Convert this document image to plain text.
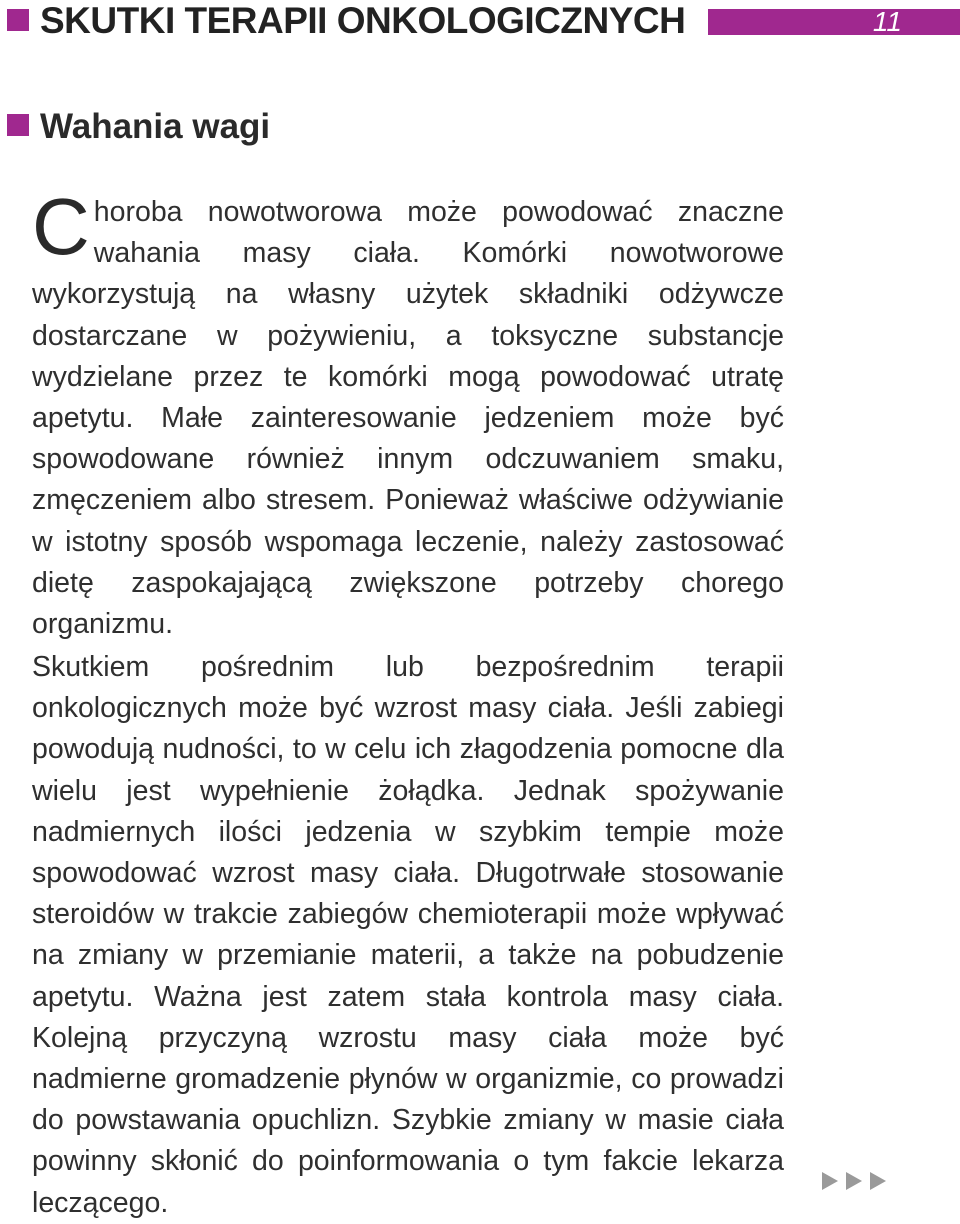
SKUTKI TERAPII ONKOLOGICZNYCH	11
Wahania wagi

Choroba nowotworowa może powodować znaczne wahania masy ciała. Komórki nowotworowe wykorzystują na własny użytek składniki odżywcze dostarczane w pożywieniu, a toksyczne substancje wydzielane przez te komórki mogą powodować utratę apetytu. Małe zainteresowanie jedzeniem może być spowodowane również innym odczuwaniem smaku, zmęczeniem albo stresem. Ponieważ właściwe odżywianie w istotny sposób wspomaga leczenie, należy zastosować dietę zaspokajającą zwiększone potrzeby chorego organizmu.

Skutkiem pośrednim lub bezpośrednim terapii onkologicznych może być wzrost masy ciała. Jeśli zabiegi powodują nudności, to w celu ich złagodzenia pomocne dla wielu jest wypełnienie żołądka. Jednak spożywanie nadmiernych ilości jedzenia w szybkim tempie może spowodować wzrost masy ciała. Długotrwałe stosowanie steroidów w trakcie zabiegów chemioterapii może wpływać na zmiany w przemianie materii, a także na pobudzenie apetytu. Ważna jest zatem stała kontrola masy ciała. Kolejną przyczyną wzrostu masy ciała może być nadmierne gromadzenie płynów w organizmie, co prowadzi do powstawania opuchlizn. Szybkie zmiany w masie ciała powinny skłonić do poinformowania o tym fakcie lekarza leczącego.
